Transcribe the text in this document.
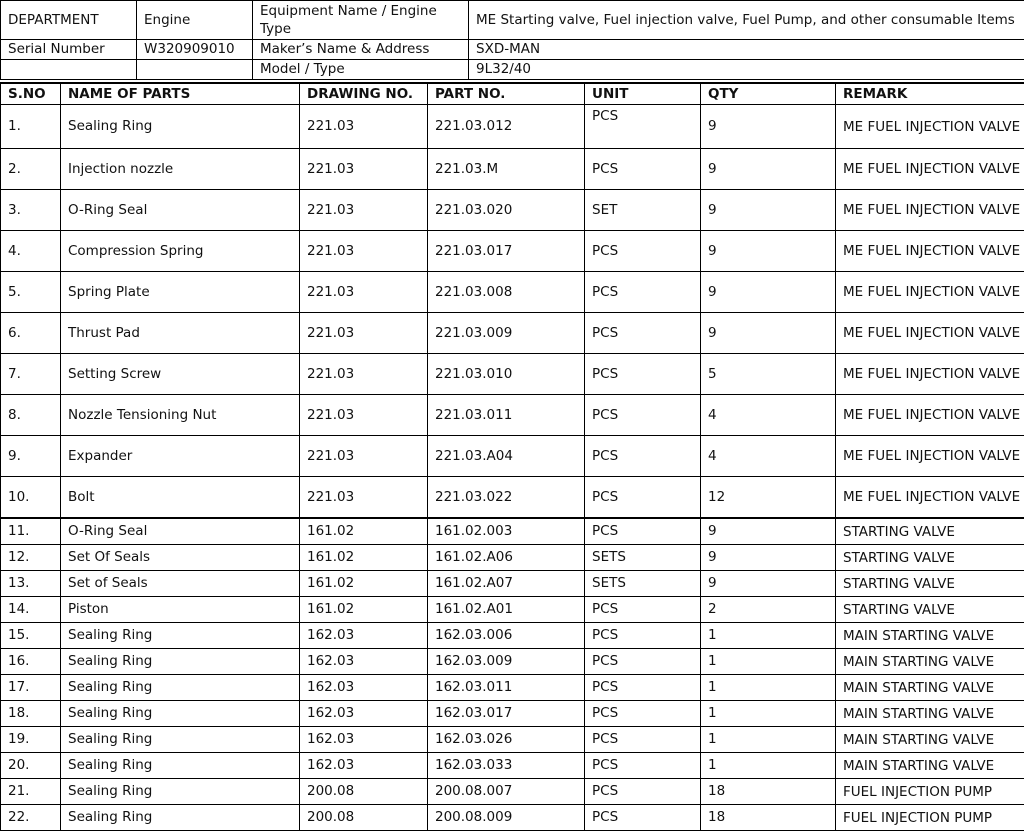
DEPARTMENT	Engine	Equipment Name / Engine Type	ME Starting valve, Fuel injection valve, Fuel Pump, and other consumable Items
Serial Number	W320909010	Maker’s Name & Address	SXD-MAN
		Model / Type	9L32/40
S.NO	NAME OF PARTS	DRAWING NO.	PART NO.	UNIT	QTY	REMARK
1.	Sealing Ring	221.03	221.03.012	PCS	9	ME FUEL INJECTION VALVE
2.	Injection nozzle	221.03	221.03.M	PCS	9	ME FUEL INJECTION VALVE
3.	O-Ring Seal	221.03	221.03.020	SET	9	ME FUEL INJECTION VALVE
4.	Compression Spring	221.03	221.03.017	PCS	9	ME FUEL INJECTION VALVE
5.	Spring Plate	221.03	221.03.008	PCS	9	ME FUEL INJECTION VALVE
6.	Thrust Pad	221.03	221.03.009	PCS	9	ME FUEL INJECTION VALVE
7.	Setting Screw	221.03	221.03.010	PCS	5	ME FUEL INJECTION VALVE
8.	Nozzle Tensioning Nut	221.03	221.03.011	PCS	4	ME FUEL INJECTION VALVE
9.	Expander	221.03	221.03.A04	PCS	4	ME FUEL INJECTION VALVE
10.	Bolt	221.03	221.03.022	PCS	12	ME FUEL INJECTION VALVE
11.	O-Ring Seal	161.02	161.02.003	PCS	9	STARTING VALVE
12.	Set Of Seals	161.02	161.02.A06	SETS	9	STARTING VALVE
13.	Set of Seals	161.02	161.02.A07	SETS	9	STARTING VALVE
14.	Piston	161.02	161.02.A01	PCS	2	STARTING VALVE
15.	Sealing Ring	162.03	162.03.006	PCS	1	MAIN STARTING VALVE
16.	Sealing Ring	162.03	162.03.009	PCS	1	MAIN STARTING VALVE
17.	Sealing Ring	162.03	162.03.011	PCS	1	MAIN STARTING VALVE
18.	Sealing Ring	162.03	162.03.017	PCS	1	MAIN STARTING VALVE
19.	Sealing Ring	162.03	162.03.026	PCS	1	MAIN STARTING VALVE
20.	Sealing Ring	162.03	162.03.033	PCS	1	MAIN STARTING VALVE
21.	Sealing Ring	200.08	200.08.007	PCS	18	FUEL INJECTION PUMP
22.	Sealing Ring	200.08	200.08.009	PCS	18	FUEL INJECTION PUMP
